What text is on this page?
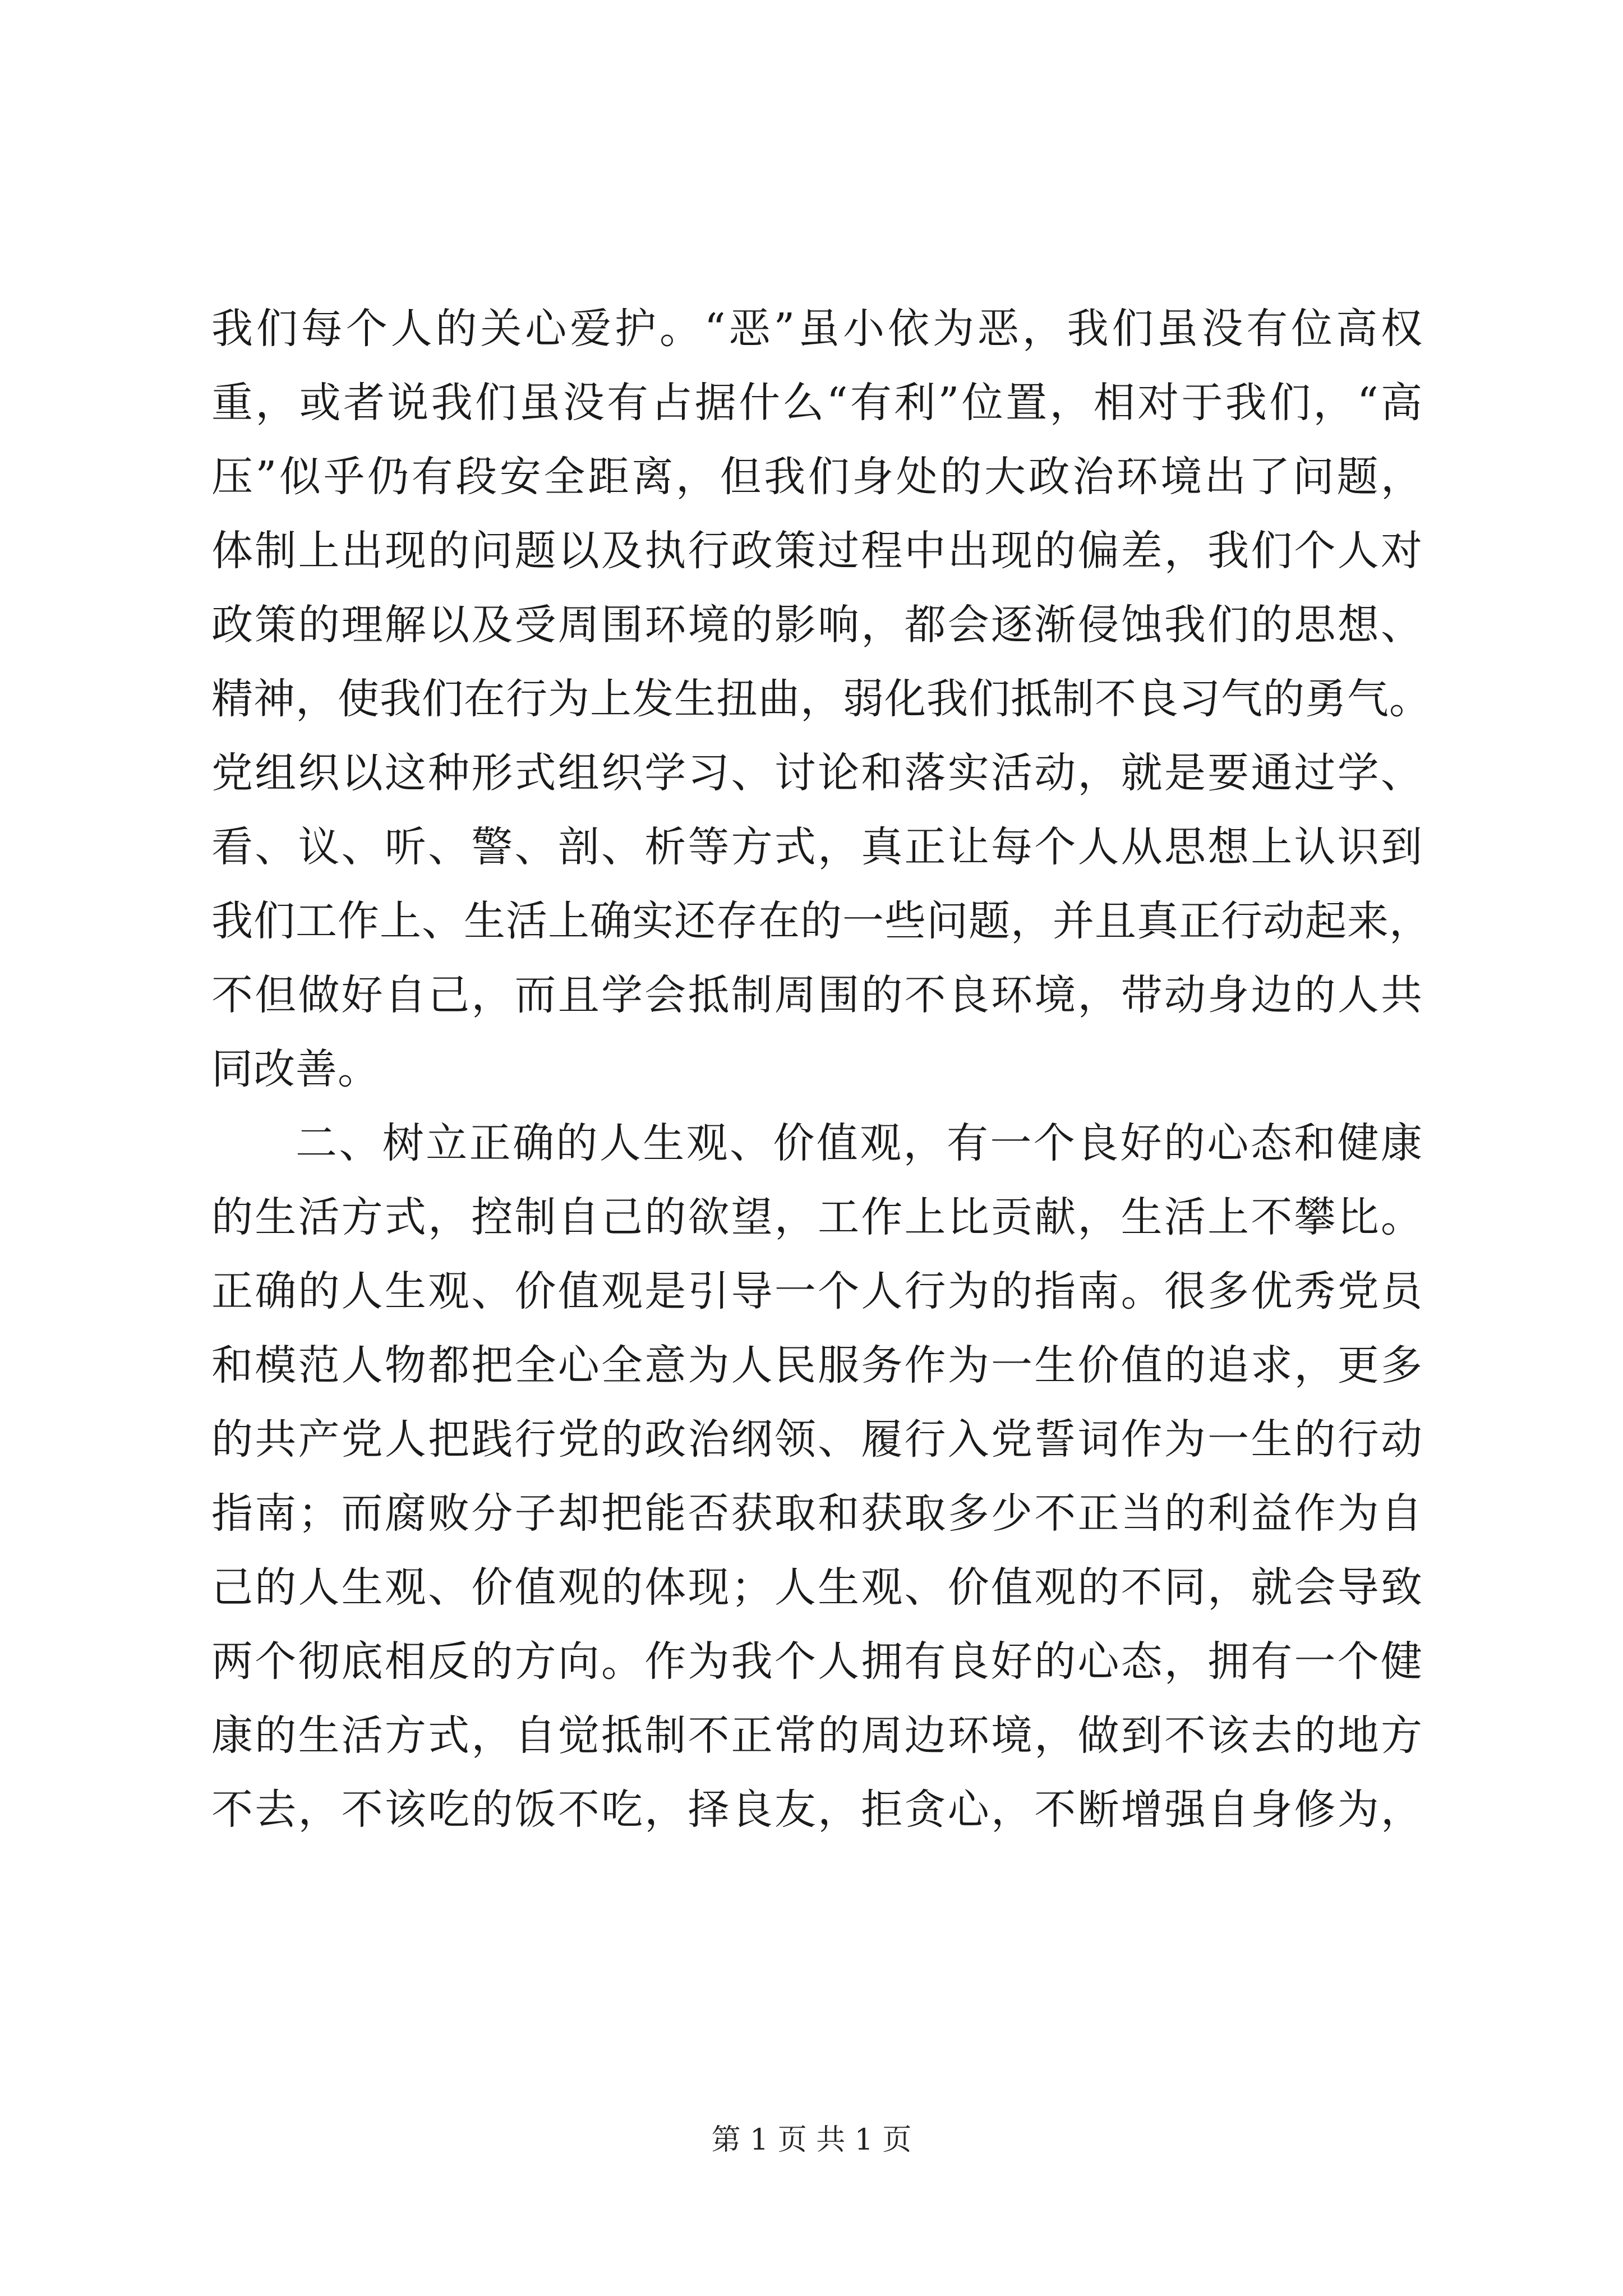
我们每个人的关心爱护。“恶”虽小依为恶，我们虽没有位高权
重，或者说我们虽没有占据什么“有利”位置，相对于我们，“高
压”似乎仍有段安全距离，但我们身处的大政治环境出了问题，
体制上出现的问题以及执行政策过程中出现的偏差，我们个人对
政策的理解以及受周围环境的影响，都会逐渐侵蚀我们的思想、
精神，使我们在行为上发生扭曲，弱化我们抵制不良习气的勇气。
党组织以这种形式组织学习、讨论和落实活动，就是要通过学、
看、议、听、警、剖、析等方式，真正让每个人从思想上认识到
我们工作上、生活上确实还存在的一些问题，并且真正行动起来，
不但做好自己，而且学会抵制周围的不良环境，带动身边的人共
同改善。
二、树立正确的人生观、价值观，有一个良好的心态和健康
的生活方式，控制自己的欲望，工作上比贡献，生活上不攀比。
正确的人生观、价值观是引导一个人行为的指南。很多优秀党员
和模范人物都把全心全意为人民服务作为一生价值的追求，更多
的共产党人把践行党的政治纲领、履行入党誓词作为一生的行动
指南；而腐败分子却把能否获取和获取多少不正当的利益作为自
己的人生观、价值观的体现；人生观、价值观的不同，就会导致
两个彻底相反的方向。作为我个人拥有良好的心态，拥有一个健
康的生活方式，自觉抵制不正常的周边环境，做到不该去的地方
不去，不该吃的饭不吃，择良友，拒贪心，不断增强自身修为，
第 1 页 共 1 页
